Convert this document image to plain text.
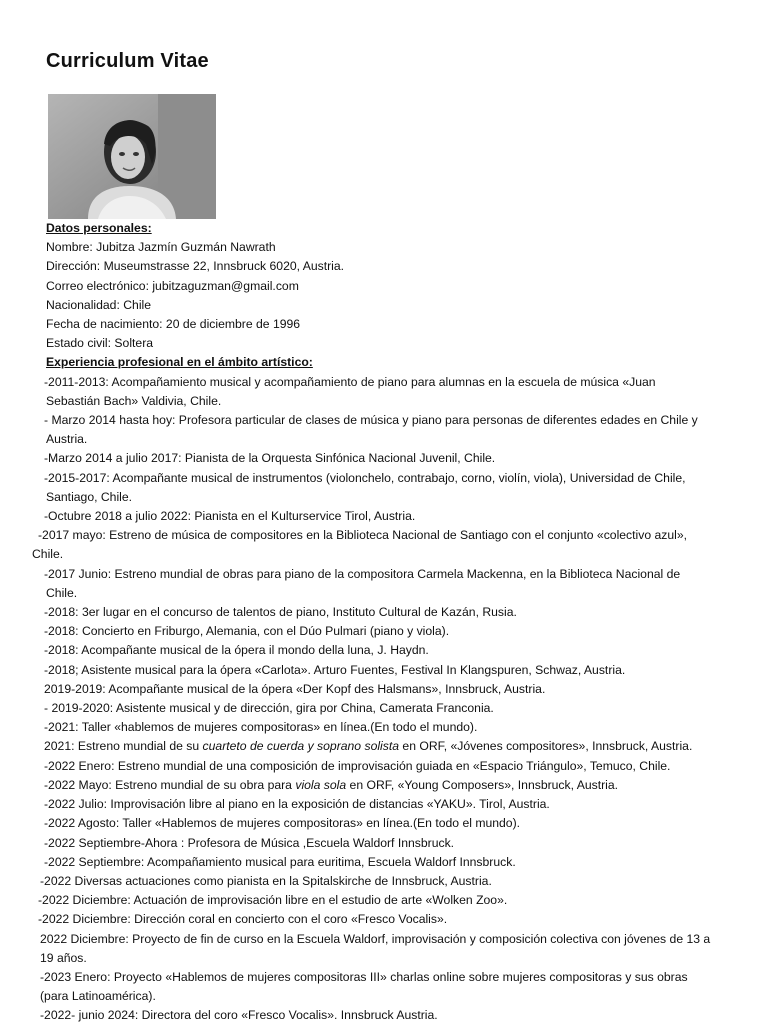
Curriculum Vitae
Datos personales:
Nombre: Jubitza Jazmín Guzmán Nawrath
Dirección: Museumstrasse 22, Innsbruck 6020, Austria.
Correo electrónico: jubitzaguzman@gmail.com
Nacionalidad: Chile
Fecha de nacimiento: 20 de diciembre de 1996
Estado civil: Soltera
Experiencia profesional en el ámbito artístico:
-2011-2013: Acompañamiento musical y acompañamiento de piano para alumnas en la escuela de música «Juan
Sebastián Bach» Valdivia, Chile.
- Marzo 2014 hasta hoy: Profesora particular de clases de música y piano para personas de diferentes edades en Chile y
Austria.
-Marzo 2014 a julio 2017: Pianista de la Orquesta Sinfónica Nacional Juvenil, Chile.
-2015-2017: Acompañante musical de instrumentos (violonchelo, contrabajo, corno, violín, viola), Universidad de Chile,
Santiago, Chile.
-Octubre 2018 a julio 2022: Pianista en el Kulturservice Tirol, Austria.
-2017 mayo: Estreno de música de compositores en la Biblioteca Nacional de Santiago con el conjunto «colectivo azul»,
Chile.
-2017 Junio: Estreno mundial de obras para piano de la compositora Carmela Mackenna, en la Biblioteca Nacional de
Chile.
-2018: 3er lugar en el concurso de talentos de piano, Instituto Cultural de Kazán, Rusia.
-2018: Concierto en Friburgo, Alemania, con el Dúo Pulmari (piano y viola).
-2018: Acompañante musical de la ópera il mondo della luna, J. Haydn.
-2018; Asistente musical para la ópera «Carlota». Arturo Fuentes, Festival In Klangspuren, Schwaz, Austria.
2019-2019: Acompañante musical de la ópera «Der Kopf des Halsmans», Innsbruck, Austria.
- 2019-2020: Asistente musical y de dirección, gira por China, Camerata Franconia.
-2021: Taller «hablemos de mujeres compositoras» en línea.(En todo el mundo).
2021: Estreno mundial de su cuarteto de cuerda y soprano solista en ORF, «Jóvenes compositores», Innsbruck, Austria.
-2022 Enero: Estreno mundial de una composición de improvisación guiada en «Espacio Triángulo», Temuco, Chile.
-2022 Mayo: Estreno mundial de su obra para viola sola en ORF, «Young Composers», Innsbruck, Austria.
-2022 Julio: Improvisación libre al piano en la exposición de distancias «YAKU». Tirol, Austria.
-2022 Agosto: Taller «Hablemos de mujeres compositoras» en línea.(En todo el mundo).
-2022 Septiembre-Ahora : Profesora de Música ,Escuela Waldorf Innsbruck.
-2022 Septiembre: Acompañamiento musical para euritima, Escuela Waldorf Innsbruck.
-2022 Diversas actuaciones como pianista en la Spitalskirche de Innsbruck, Austria.
-2022 Diciembre: Actuación de improvisación libre en el estudio de arte «Wolken Zoo».
-2022 Diciembre: Dirección coral en concierto con el coro «Fresco Vocalis».
2022 Diciembre: Proyecto de fin de curso en la Escuela Waldorf, improvisación y composición colectiva con jóvenes de 13 a
19 años.
-2023 Enero: Proyecto «Hablemos de mujeres compositoras III» charlas online sobre mujeres compositoras y sus obras
(para Latinoamérica).
-2022- junio 2024: Directora del coro «Fresco Vocalis». Innsbruck Austria.
